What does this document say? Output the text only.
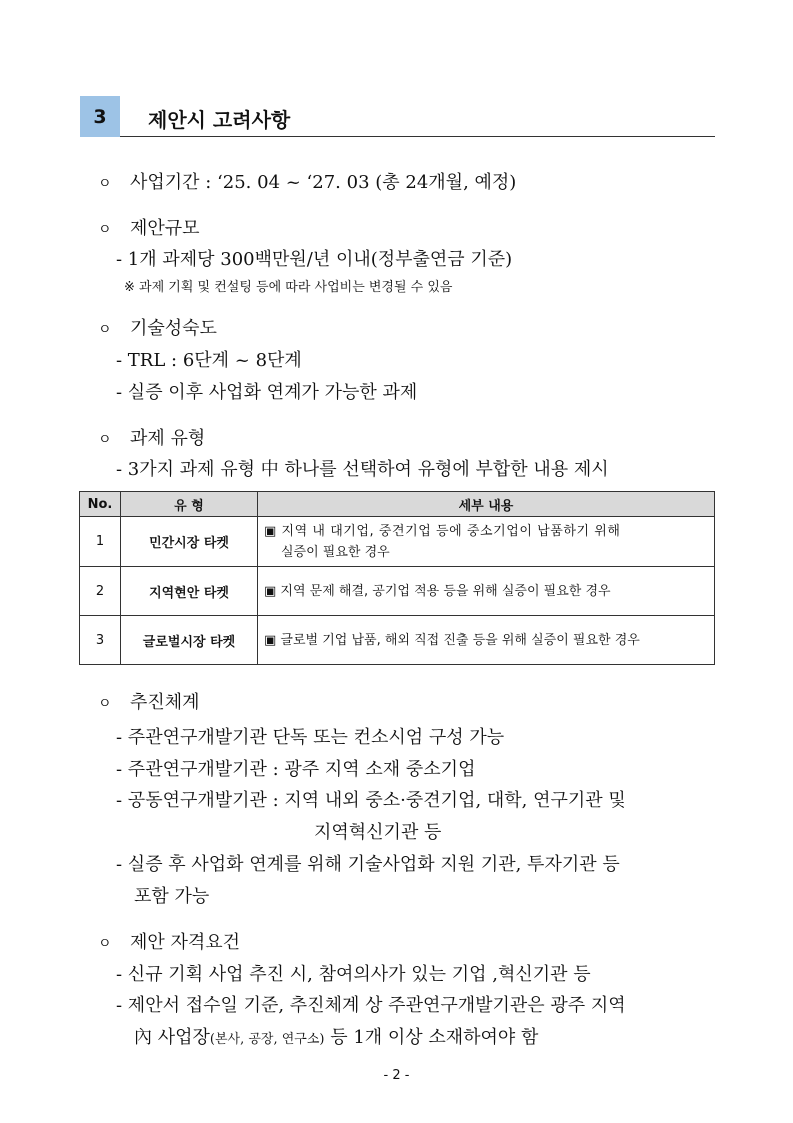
3	제안시 고려사항
ㅇ 사업기간 : ‘25. 04 ~ ‘27. 03 (총 24개월, 예정)
ㅇ 제안규모
- 1개 과제당 300백만원/년 이내(정부출연금 기준)
※ 과제 기획 및 컨설팅 등에 따라 사업비는 변경될 수 있음
ㅇ 기술성숙도
- TRL : 6단계 ~ 8단계
- 실증 이후 사업화 연계가 가능한 과제
ㅇ 과제 유형
- 3가지 과제 유형 中 하나를 선택하여 유형에 부합한 내용 제시
No.	유 형	세부 내용
1	민간시장 타켓	▣ 지역 내 대기업, 중견기업 등에 중소기업이 납품하기 위해
실증이 필요한 경우

2	지역현안 타켓	▣ 지역 문제 해결, 공기업 적용 등을 위해 실증이 필요한 경우
3	글로벌시장 타켓	▣ 글로벌 기업 납품, 해외 직접 진출 등을 위해 실증이 필요한 경우
ㅇ 추진체계
- 주관연구개발기관 단독 또는 컨소시엄 구성 가능
- 주관연구개발기관 : 광주 지역 소재 중소기업
- 공동연구개발기관 : 지역 내외 중소·중견기업, 대학, 연구기관 및
지역혁신기관 등
- 실증 후 사업화 연계를 위해 기술사업화 지원 기관, 투자기관 등
포함 가능
ㅇ 제안 자격요건
- 신규 기획 사업 추진 시, 참여의사가 있는 기업 ,혁신기관 등
- 제안서 접수일 기준, 추진체계 상 주관연구개발기관은 광주 지역
內 사업장(본사, 공장, 연구소) 등 1개 이상 소재하여야 함
- 2 -
